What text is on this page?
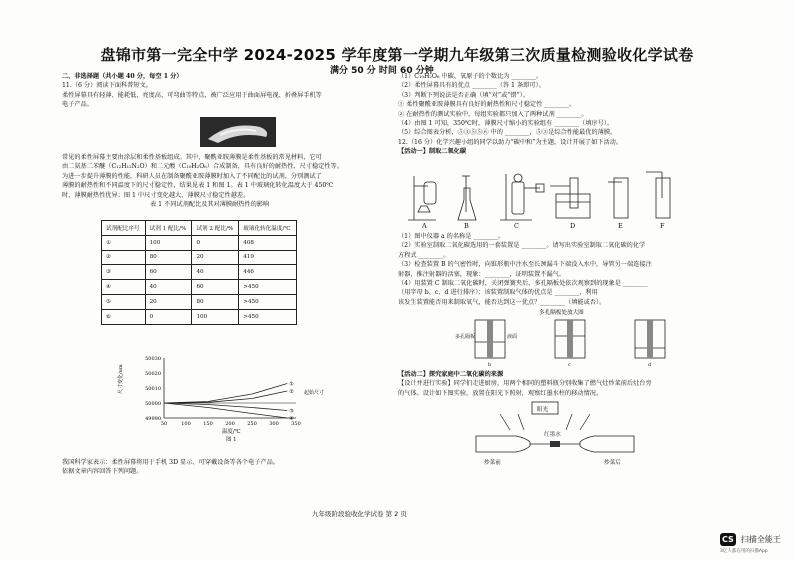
盘锦市第一完全中学 2024-2025 学年度第一学期九年级第三次质量检测验收化学试卷
满分 50 分 时间 60 分钟
二、非选择题（共小题 40 分，每空 1 分）
11.（6 分）阅读下面科普短文。
柔性屏幕具有轻薄、能耗低、亮度高、可弯曲等特点，被广泛应用于曲面屏电视、折叠屏手机等
电子产品。
常见的柔性屏幕主要由涂层和柔性基板组成。其中，聚酰亚胺薄膜是柔性基板的常见材料，它可
由二氨基二苯醚（C₁₂H₁₂N₂O）和二元酸（C₁₀H₂O₆）合成制备，具有良好的耐热性、尺寸稳定性等。
为进一步提升薄膜的性能，科研人员在制备聚酰亚胺薄膜时加入了不同配比的试剂，分别测试了
薄膜的耐热性和不同温度下的尺寸稳定性，结果见表 1 和图 1。表 1 中玻璃化转化温度大于 450℃
时，薄膜耐热性优异；图 1 中尺寸变化越大，薄膜尺寸稳定性越差。
表 1 不同试剂配比及其对薄膜耐热性的影响
试剂配比序号	试剂 1 配比/%	试剂 2 配比/%	玻璃化转化温度/℃
①	100	0	408
②	80	20	419
③	60	40	446
④	40	60	>450
⑤	20	80	>450
⑥	0	100	>450
50030
50020
50010
50000
49990
50	100 150 200 250 300 350
尺寸变化/um
温度/℃
图 1
①
②
③
④
起始尺寸
我国科学家表示：柔性屏幕将用于手机 3D 显示、可穿戴设备等各个电子产品。
依据文章内容回答下列问题。
（1）C₁₀H₂O₆ 中碳、氧原子的个数比为 ________。
（2）柔性屏幕具有的优点 ________（答 1 条即可）。
（3）判断下列说法是否正确（填“对”或“错”）。
① 柔性聚酰亚胺薄膜具有良好的耐热性和尺寸稳定性 ________。
② 在耐热性的测试实验中，每组实验都只加入了两种试剂 ________。
（4）由图 1 可知，350℃时，薄膜尺寸缩小的实验组有 ________（填序号）。
（5）综合图表分析，⑤③⑤⑤⑥ 中的 ________，⑤③是综合性能最优的薄膜。
12.（16 分）化学兴趣小组的同学以助力“碳中和”为主题，设计开展了如下活动。
【活动一】制取二氧化碳
A	B	C	D	E	F
（1）图中仪器 a 的名称是 ________。
（2）实验室制取二氧化碳选用的一套装置是 ________。请写出实验室制取二氧化碳的化学
方程式 ________。
（3）检查装置 B 的气密性时，向锥形瓶中注水至长颈漏斗下端没入水中，导管另一端连接注
射器，推注射器的活塞，现象：________，证明装置不漏气。
（4）用装置 C 制取二氧化碳时，关闭弹簧夹后，多孔隔板处依次观察到的现象是 ________
（用字母 b、c、d 进行排序）；该装置制取气体的优点是 ________，利用
该发生装置能否用来制取氧气，能否达到这一优点？________（填能或否）。
多孔隔板处放大图
多孔隔板	液面
b	c	d
【活动二】探究家庭中二氧化碳的来源
【设计并进行实验】同学们走进厨房，用两个相同的塑料瓶分别收集了燃气灶炒菜前后灶台旁
的气体。设计如下图实验，放置在阳光下照射，观察红墨水柱的移动情况。
阳光
红墨水
炒菜前	炒菜后
九年级阶段验收化学试卷 第 2 页
CS 扫描全能王
3亿人都在用的扫描App
